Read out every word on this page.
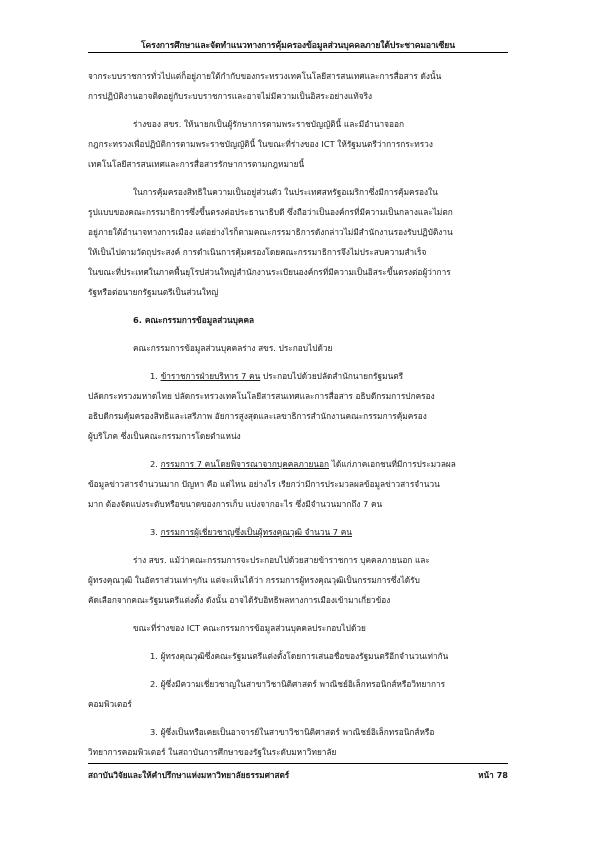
โครงการศึกษาและจัดทำแนวทางการคุ้มครองข้อมูลส่วนบุคคลภายใต้ประชาคมอาเซียน
จากระบบราชการทั่วไปแต่ก็อยู่ภายใต้กำกับของกระทรวงเทคโนโลยีสารสนเทศและการสื่อสาร ดังนั้น
การปฏิบัติงานอาจติดอยู่กับระบบราชการและอาจไม่มีความเป็นอิสระอย่างแท้จริง
ร่างของ สขร. ให้นายกเป็นผู้รักษาการตามพระราชบัญญัตินี้ และมีอำนาจออก
กฎกระทรวงเพื่อปฏิบัติการตามพระราชบัญญัตินี้ ในขณะที่ร่างของ ICT ให้รัฐมนตรีว่าการกระทรวง
เทคโนโลยีสารสนเทศและการสื่อสารรักษาการตามกฎหมายนี้
ในการคุ้มครองสิทธิในความเป็นอยู่ส่วนตัว ในประเทศสหรัฐอเมริกาซึ่งมีการคุ้มครองใน
รูปแบบของคณะกรรมาธิการซึ่งขึ้นตรงต่อประธานาธิบดี ซึ่งถือว่าเป็นองค์กรที่มีความเป็นกลางและไม่ตก
อยู่ภายใต้อำนาจทางการเมือง แต่อย่างไรก็ตามคณะกรรมาธิการดังกล่าวไม่มีสำนักงานรองรับปฏิบัติงาน
ให้เป็นไปตามวัตถุประสงค์ การดำเนินการคุ้มครองโดยคณะกรรมาธิการจึงไม่ประสบความสำเร็จ
ในขณะที่ประเทศในภาคพื้นยุโรปส่วนใหญ่สำนักงานระเบียนองค์กรที่มีความเป็นอิสระขึ้นตรงต่อผู้ว่าการ
รัฐหรือต่อนายกรัฐมนตรีเป็นส่วนใหญ่
6. คณะกรรมการข้อมูลส่วนบุคคล
คณะกรรมการข้อมูลส่วนบุคคลร่าง สขร. ประกอบไปด้วย
1. ข้าราชการฝ่ายบริหาร 7 คน ประกอบไปด้วยปลัดสำนักนายกรัฐมนตรี
ปลัดกระทรวงมหาดไทย ปลัดกระทรวงเทคโนโลยีสารสนเทศและการสื่อสาร อธิบดีกรมการปกครอง
อธิบดีกรมคุ้มครองสิทธิและเสรีภาพ อัยการสูงสุดและเลขาธิการสำนักงานคณะกรรมการคุ้มครอง
ผู้บริโภค ซึ่งเป็นคณะกรรมการโดยตำแหน่ง
2. กรรมการ 7 คนโดยพิจารณาจากบุคคลภายนอก ได้แก่ภาคเอกชนที่มีการประมวลผล
ข้อมูลข่าวสารจำนวนมาก ปัญหา คือ แต่ไหน อย่างไร เรียกว่ามีการประมวลผลข้อมูลข่าวสารจำนวน
มาก ต้องจัดแบ่งระดับหรือขนาดของการเก็บ แบ่งจากอะไร ซึ่งมีจำนวนมากถึง 7 คน
3. กรรมการผู้เชี่ยวชาญซึ่งเป็นผู้ทรงคุณวุฒิ จำนวน 7 คน
ร่าง สขร. แม้ว่าคณะกรรมการจะประกอบไปด้วยสายข้าราชการ บุคคลภายนอก และ
ผู้ทรงคุณวุฒิ ในอัตราส่วนเท่าๆกัน แต่จะเห็นได้ว่า กรรมการผู้ทรงคุณวุฒิเป็นกรรมการซึ่งได้รับ
คัดเลือกจากคณะรัฐมนตรีแต่งตั้ง ดังนั้น อาจได้รับอิทธิพลทางการเมืองเข้ามาเกี่ยวข้อง
ขณะที่ร่างของ ICT คณะกรรมการข้อมูลส่วนบุคคลประกอบไปด้วย
1. ผู้ทรงคุณวุฒิซึ่งคณะรัฐมนตรีแต่งตั้งโดยการเสนอชื่อของรัฐมนตรีอีกจำนวนเท่ากัน
2. ผู้ซึ่งมีความเชี่ยวชาญในสาขาวิชานิติศาสตร์ พาณิชย์อิเล็กทรอนิกส์หรือวิทยาการ
คอมพิวเตอร์
3. ผู้ซึ่งเป็นหรือเคยเป็นอาจารย์ในสาขาวิชานิติศาสตร์ พาณิชย์อิเล็กทรอนิกส์หรือ
วิทยาการคอมพิวเตอร์ ในสถาบันการศึกษาของรัฐในระดับมหาวิทยาลัย
สถาบันวิจัยและให้คำปรึกษาแห่งมหาวิทยาลัยธรรมศาสตร์	หน้า 78
